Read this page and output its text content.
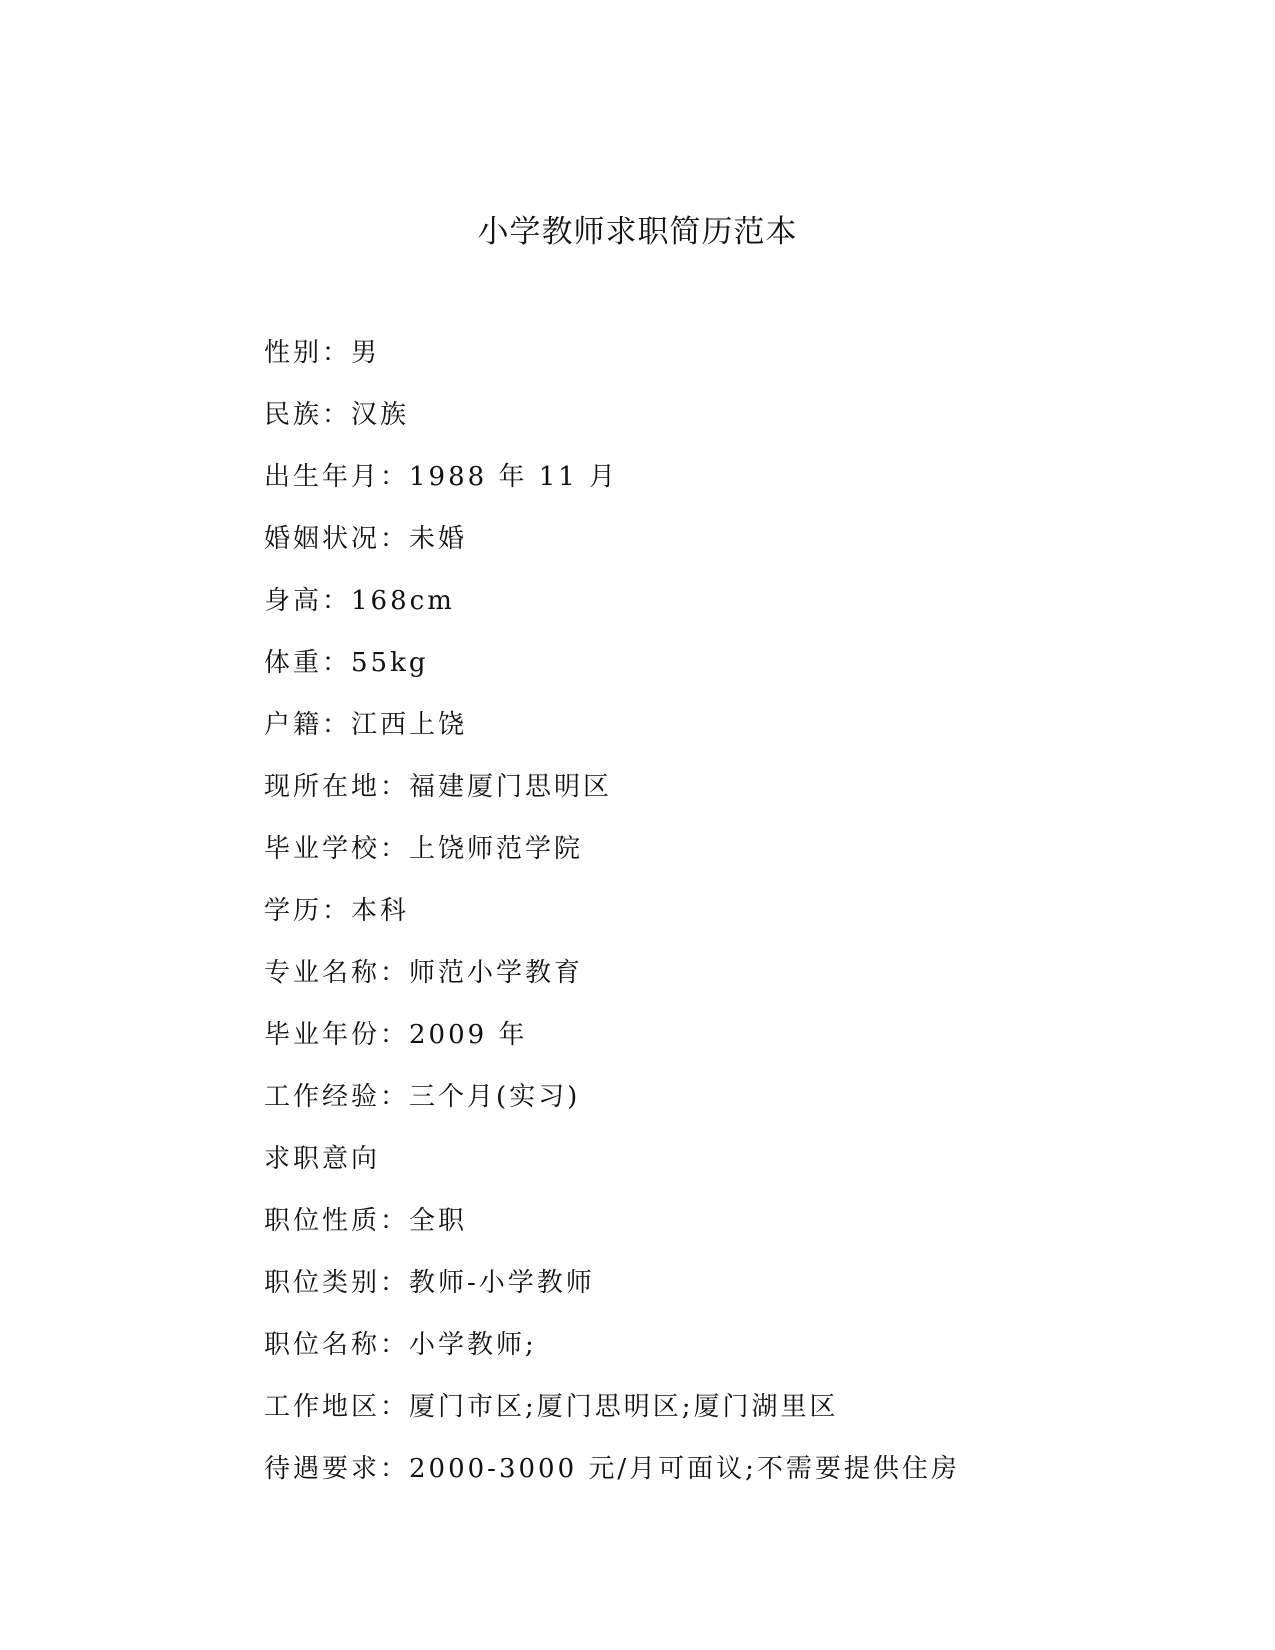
小学教师求职简历范本
性别：男
民族：汉族
出生年月：1988 年 11 月
婚姻状况：未婚
身高：168cm
体重：55kg
户籍：江西上饶
现所在地：福建厦门思明区
毕业学校：上饶师范学院
学历：本科
专业名称：师范小学教育
毕业年份：2009 年
工作经验：三个月(实习)
求职意向
职位性质：全职
职位类别：教师-小学教师
职位名称：小学教师;
工作地区：厦门市区;厦门思明区;厦门湖里区
待遇要求：2000-3000 元/月可面议;不需要提供住房
